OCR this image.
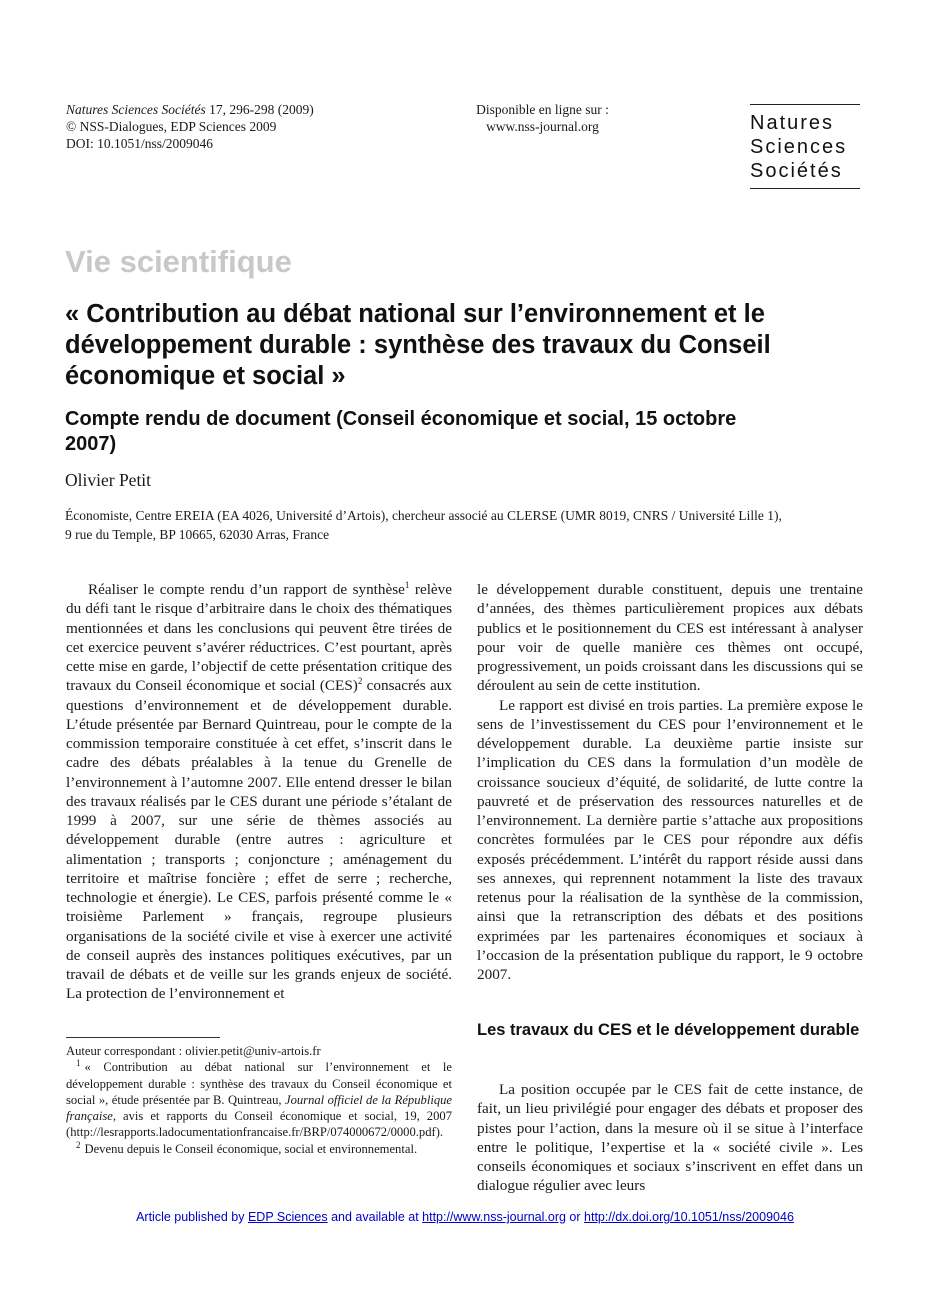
Natures Sciences Sociétés 17, 296-298 (2009)
© NSS-Dialogues, EDP Sciences 2009
DOI: 10.1051/nss/2009046
Disponible en ligne sur :
www.nss-journal.org	Natures
Sciences
Sociétés
Vie scientifique
« Contribution au débat national sur l’environnement et le développement durable : synthèse des travaux du Conseil économique et social »
Compte rendu de document (Conseil économique et social, 15 octobre 2007)
Olivier Petit
Économiste, Centre EREIA (EA 4026, Université d’Artois), chercheur associé au CLERSE (UMR 8019, CNRS / Université Lille 1),
9 rue du Temple, BP 10665, 62030 Arras, France

Réaliser le compte rendu d’un rapport de synthèse$^1$ relève du défi tant le risque d’arbitraire dans le choix des thématiques mentionnées et dans les conclusions qui peuvent être tirées de cet exercice peuvent s’avérer réductrices. C’est pourtant, après cette mise en garde, l’objectif de cette présentation critique des travaux du Conseil économique et social (CES)$^2$ consacrés aux questions d’environnement et de développement durable. L’étude présentée par Bernard Quintreau, pour le compte de la commission temporaire constituée à cet effet, s’inscrit dans le cadre des débats préalables à la tenue du Grenelle de l’environnement à l’automne 2007. Elle entend dresser le bilan des travaux réalisés par le CES durant une période s’étalant de 1999 à 2007, sur une série de thèmes associés au développement durable (entre autres : agriculture et alimentation ; transports ; conjoncture ; aménagement du territoire et maîtrise foncière ; effet de serre ; recherche, technologie et énergie). Le CES, parfois présenté comme le « troisième Parlement » français, regroupe plusieurs organisations de la société civile et vise à exercer une activité de conseil auprès des instances politiques exécutives, par un travail de débats et de veille sur les grands enjeux de société. La protection de l’environnement et

le développement durable constituent, depuis une trentaine d’années, des thèmes particulièrement propices aux débats publics et le positionnement du CES est intéressant à analyser pour voir de quelle manière ces thèmes ont occupé, progressivement, un poids croissant dans les discussions qui se déroulent au sein de cette institution.

Le rapport est divisé en trois parties. La première expose le sens de l’investissement du CES pour l’environnement et le développement durable. La deuxième partie insiste sur l’implication du CES dans la formulation d’un modèle de croissance soucieux d’équité, de solidarité, de lutte contre la pauvreté et de préservation des ressources naturelles et de l’environnement. La dernière partie s’attache aux propositions concrètes formulées par le CES pour répondre aux défis exposés précédemment. L’intérêt du rapport réside aussi dans ses annexes, qui reprennent notamment la liste des travaux retenus pour la réalisation de la synthèse de la commission, ainsi que la retranscription des débats et des positions exprimées par les partenaires économiques et sociaux à l’occasion de la présentation publique du rapport, le 9 octobre 2007.

Les travaux du CES et le développement durable

La position occupée par le CES fait de cette instance, de fait, un lieu privilégié pour engager des débats et proposer des pistes pour l’action, dans la mesure où il se situe à l’interface entre le politique, l’expertise et la « société civile ». Les conseils économiques et sociaux s’inscrivent en effet dans un dialogue régulier avec leurs

Auteur correspondant : olivier.petit@univ-artois.fr

$^1$ « Contribution au débat national sur l’environnement et le développement durable : synthèse des travaux du Conseil économique et social », étude présentée par B. Quintreau, Journal officiel de la République française, avis et rapports du Conseil économique et social, 19, 2007 (http://lesrapports.ladocumentationfrancaise.fr/BRP/074000672/0000.pdf).

$^2$ Devenu depuis le Conseil économique, social et environnemental.

Article published by EDP Sciences and available at http://www.nss-journal.org or http://dx.doi.org/10.1051/nss/2009046
